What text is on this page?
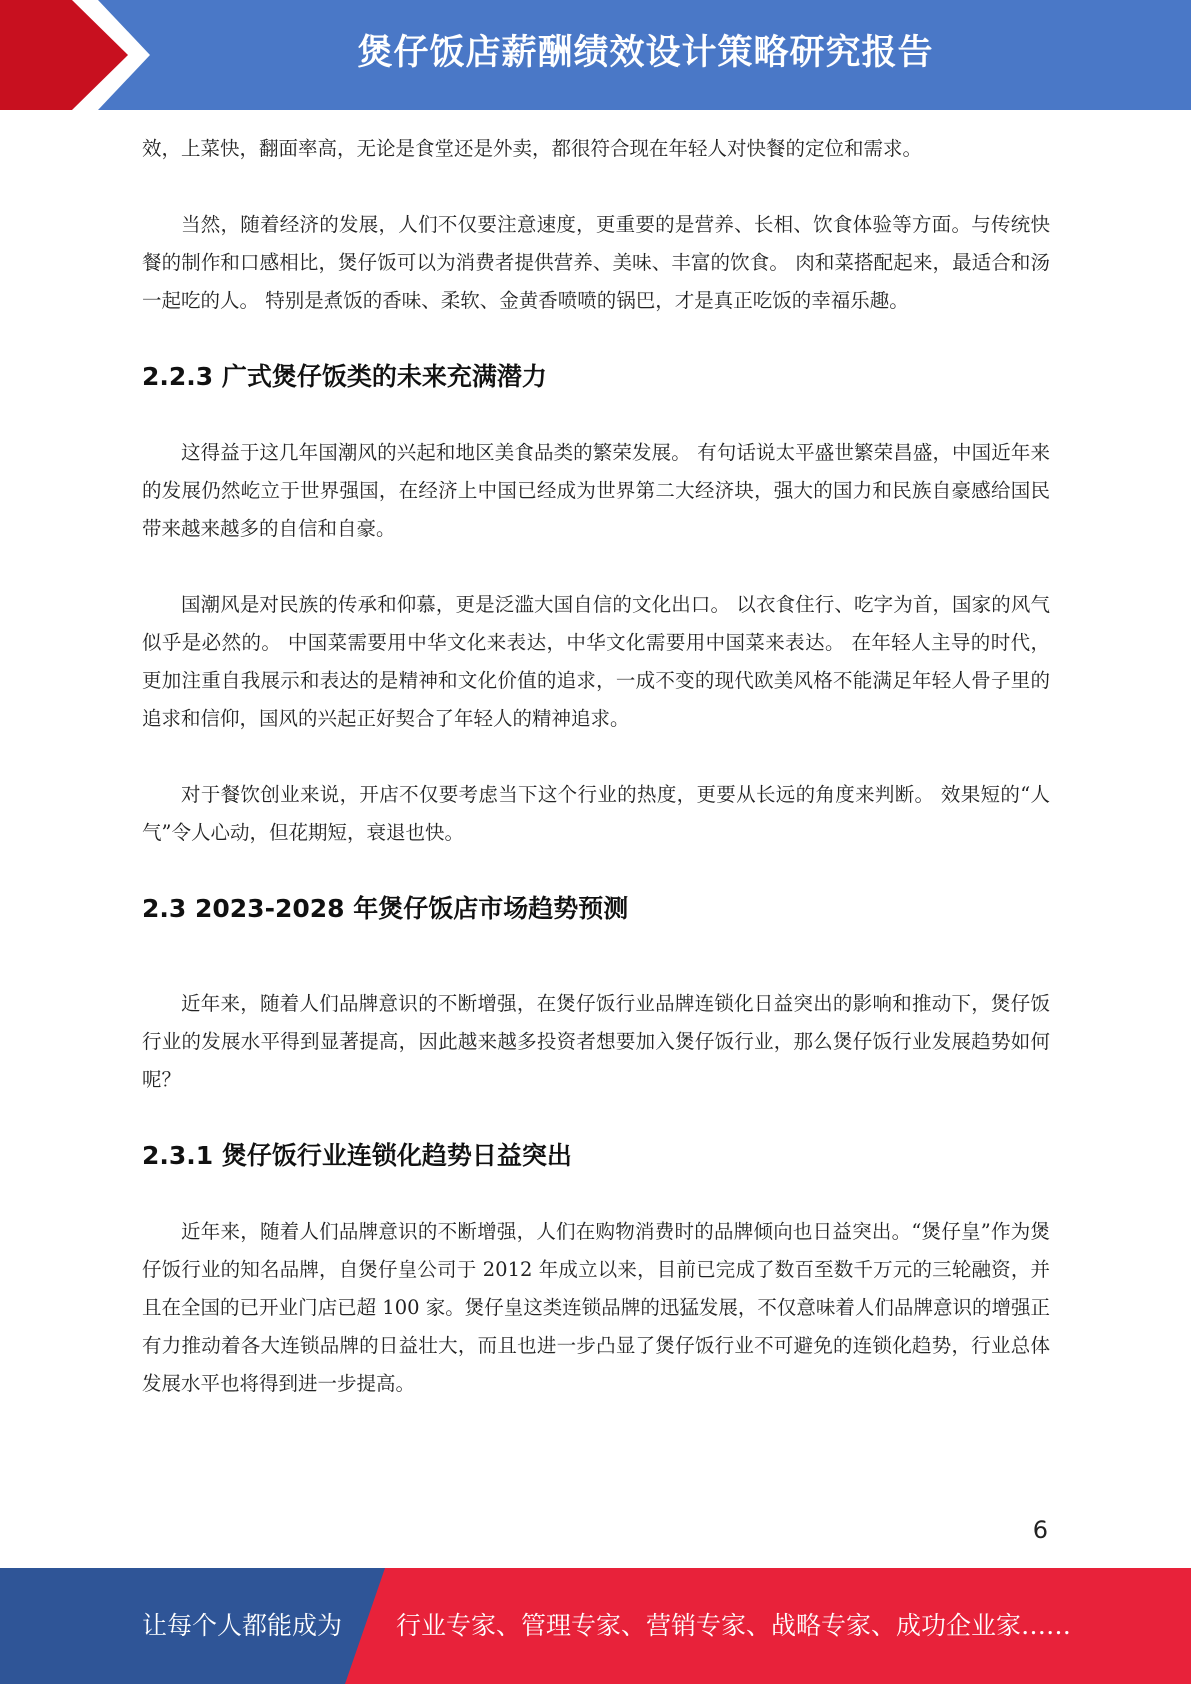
煲仔饭店薪酬绩效设计策略研究报告

效，上菜快，翻面率高，无论是食堂还是外卖，都很符合现在年轻人对快餐的定位和需求。

当然，随着经济的发展，人们不仅要注意速度，更重要的是营养、长相、饮食体验等方面。与传统快餐的制作和口感相比，煲仔饭可以为消费者提供营养、美味、丰富的饮食。 肉和菜搭配起来，最适合和汤一起吃的人。 特别是煮饭的香味、柔软、金黄香喷喷的锅巴，才是真正吃饭的幸福乐趣。

2.2.3 广式煲仔饭类的未来充满潜力

这得益于这几年国潮风的兴起和地区美食品类的繁荣发展。 有句话说太平盛世繁荣昌盛，中国近年来的发展仍然屹立于世界强国，在经济上中国已经成为世界第二大经济块，强大的国力和民族自豪感给国民带来越来越多的自信和自豪。

国潮风是对民族的传承和仰慕，更是泛滥大国自信的文化出口。 以衣食住行、吃字为首，国家的风气似乎是必然的。 中国菜需要用中华文化来表达，中华文化需要用中国菜来表达。 在年轻人主导的时代，更加注重自我展示和表达的是精神和文化价值的追求，一成不变的现代欧美风格不能满足年轻人骨子里的追求和信仰，国风的兴起正好契合了年轻人的精神追求。

对于餐饮创业来说，开店不仅要考虑当下这个行业的热度，更要从长远的角度来判断。 效果短的“人气”令人心动，但花期短，衰退也快。

2.3 2023-2028 年煲仔饭店市场趋势预测

近年来，随着人们品牌意识的不断增强，在煲仔饭行业品牌连锁化日益突出的影响和推动下，煲仔饭行业的发展水平得到显著提高，因此越来越多投资者想要加入煲仔饭行业，那么煲仔饭行业发展趋势如何呢？

2.3.1 煲仔饭行业连锁化趋势日益突出

近年来，随着人们品牌意识的不断增强，人们在购物消费时的品牌倾向也日益突出。“煲仔皇”作为煲仔饭行业的知名品牌，自煲仔皇公司于 2012 年成立以来，目前已完成了数百至数千万元的三轮融资，并且在全国的已开业门店已超 100 家。煲仔皇这类连锁品牌的迅猛发展，不仅意味着人们品牌意识的增强正有力推动着各大连锁品牌的日益壮大，而且也进一步凸显了煲仔饭行业不可避免的连锁化趋势，行业总体发展水平也将得到进一步提高。

6
让每个人都能成为 行业专家、管理专家、营销专家、战略专家、成功企业家……
